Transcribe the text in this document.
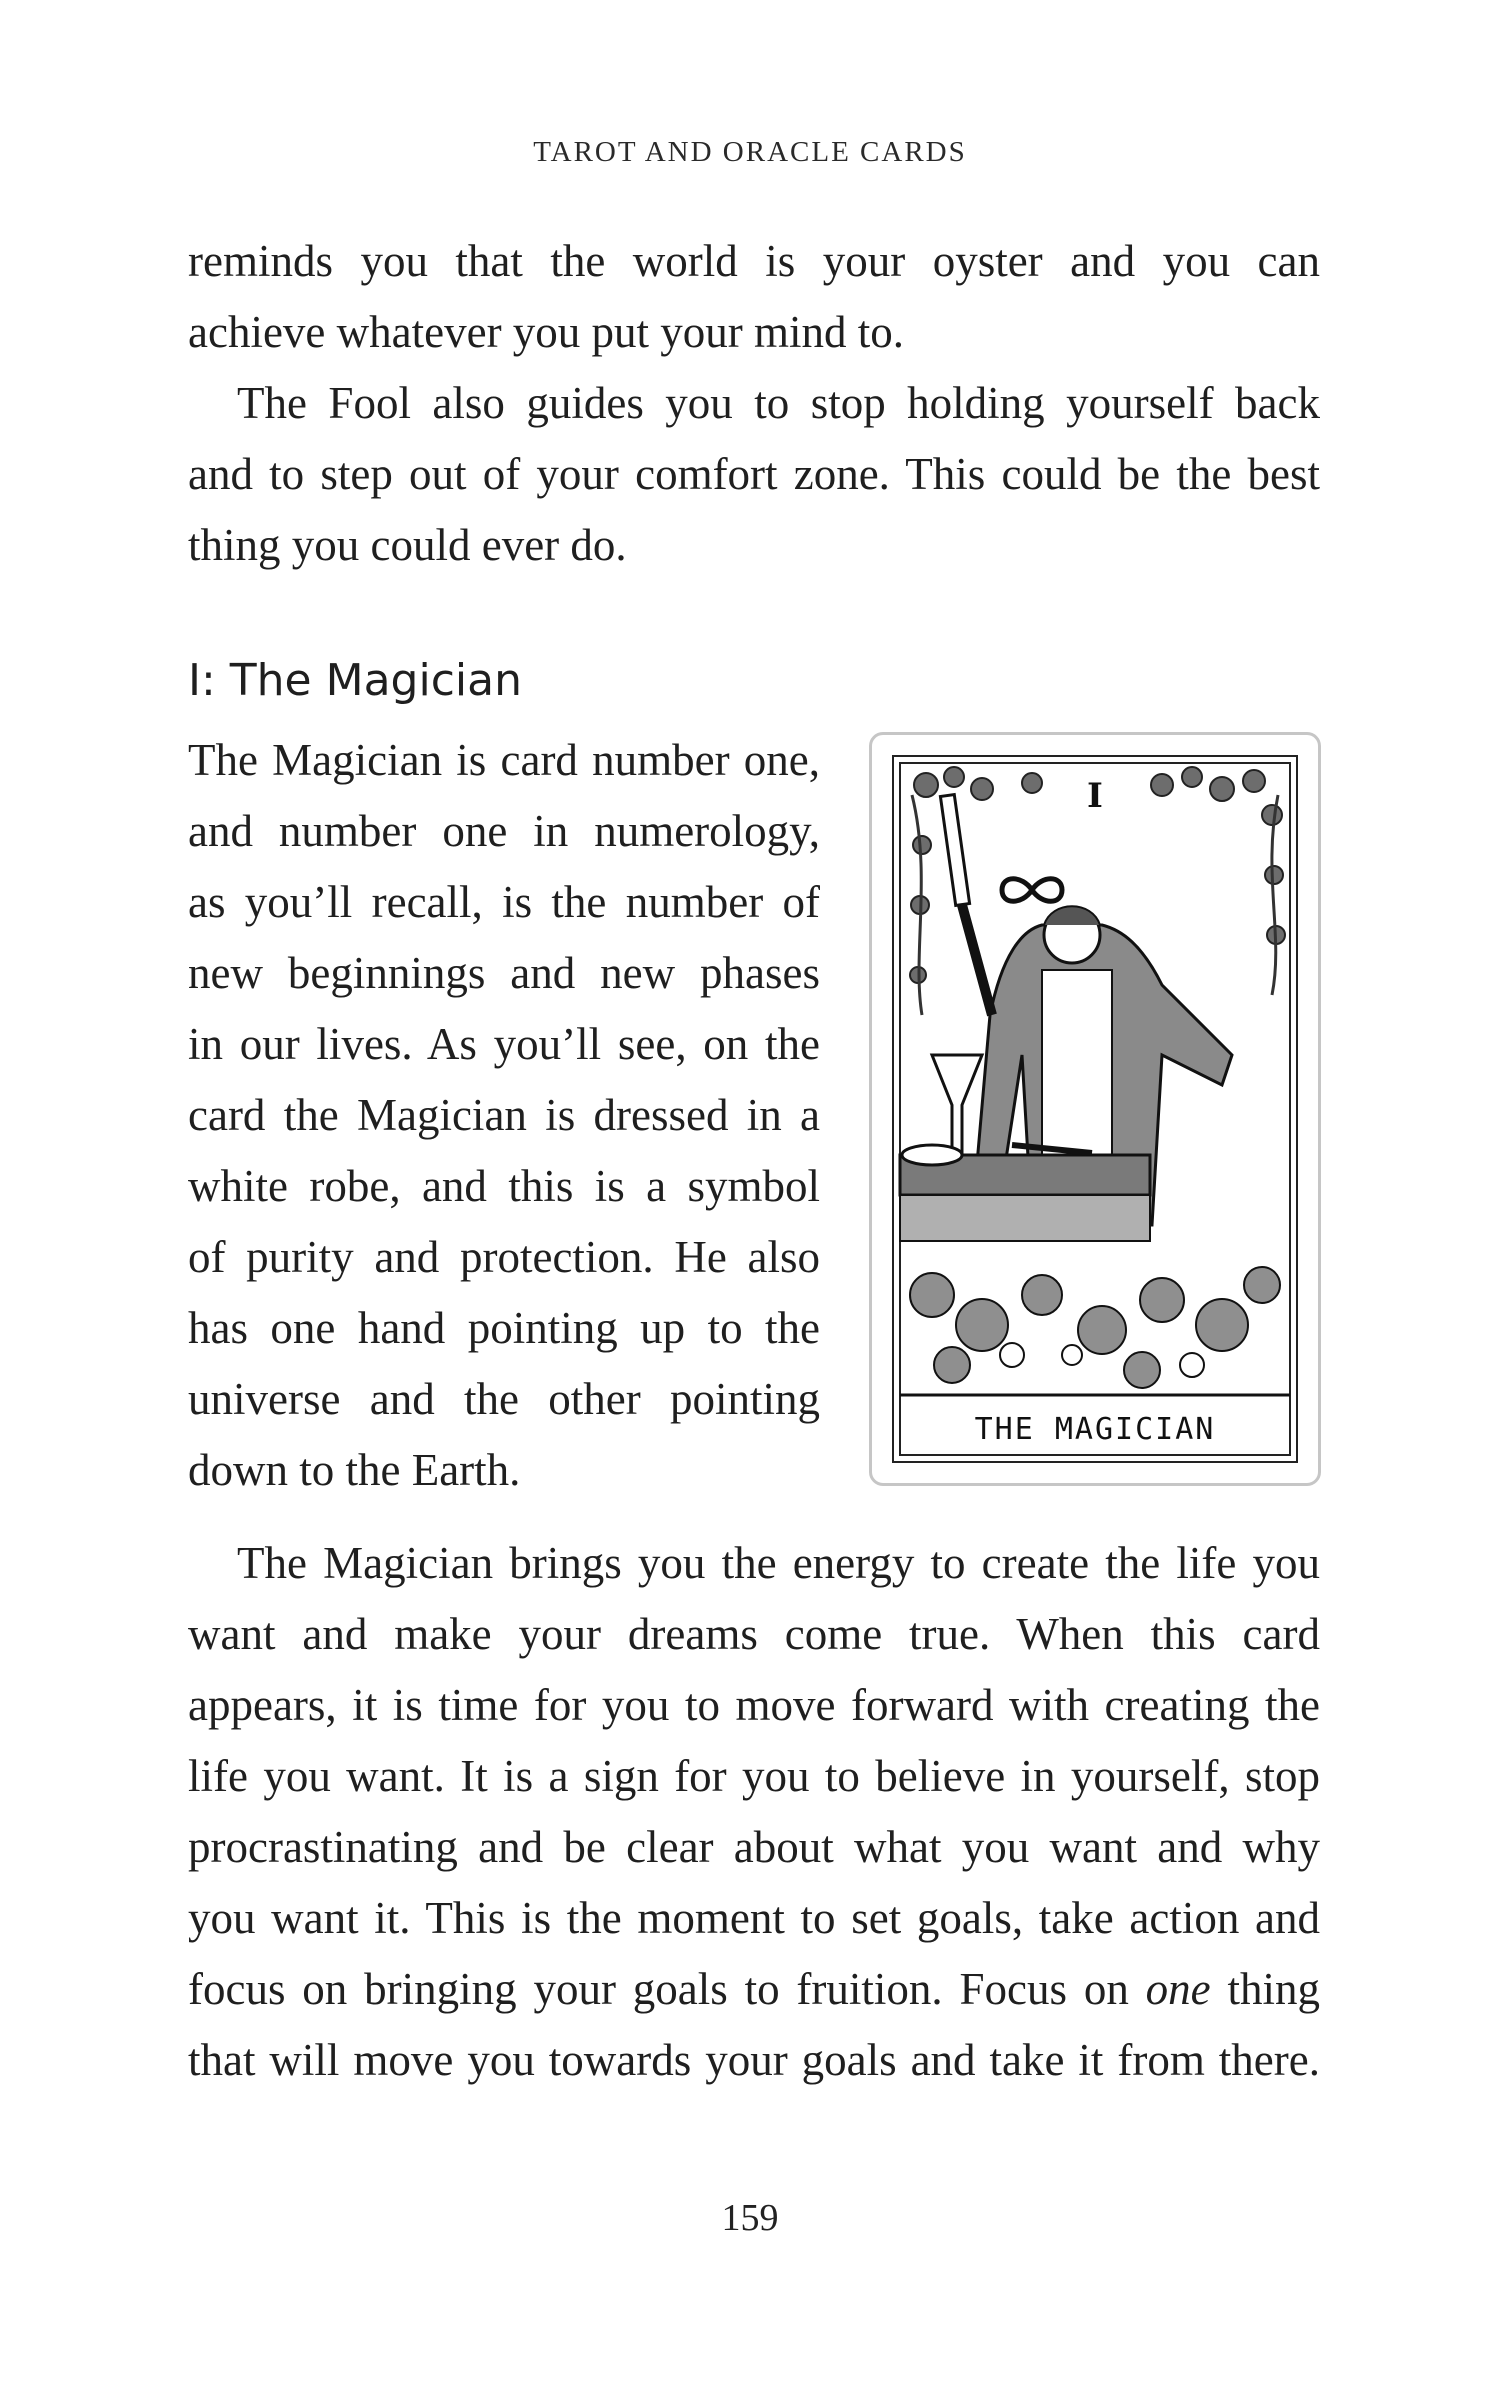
TAROT AND ORACLE CARDS
reminds you that the world is your oyster and you can
achieve whatever you put your mind to.
The Fool also guides you to stop holding yourself back
and to step out of your comfort zone. This could be the best
thing you could ever do.
I: The Magician
The Magician is card number one,
and number one in numerology,
as you’ll recall, is the number of
new beginnings and new phases
in our lives. As you’ll see, on the
card the Magician is dressed in a
white robe, and this is a symbol
of purity and protection. He also
has one hand pointing up to the
universe and the other pointing
down to the Earth.
I
THE MAGICIAN
The Magician brings you the energy to create the life you
want and make your dreams come true. When this card
appears, it is time for you to move forward with creating the
life you want. It is a sign for you to believe in yourself, stop
procrastinating and be clear about what you want and why
you want it. This is the moment to set goals, take action and
focus on bringing your goals to fruition. Focus on one thing
that will move you towards your goals and take it from there.
159
